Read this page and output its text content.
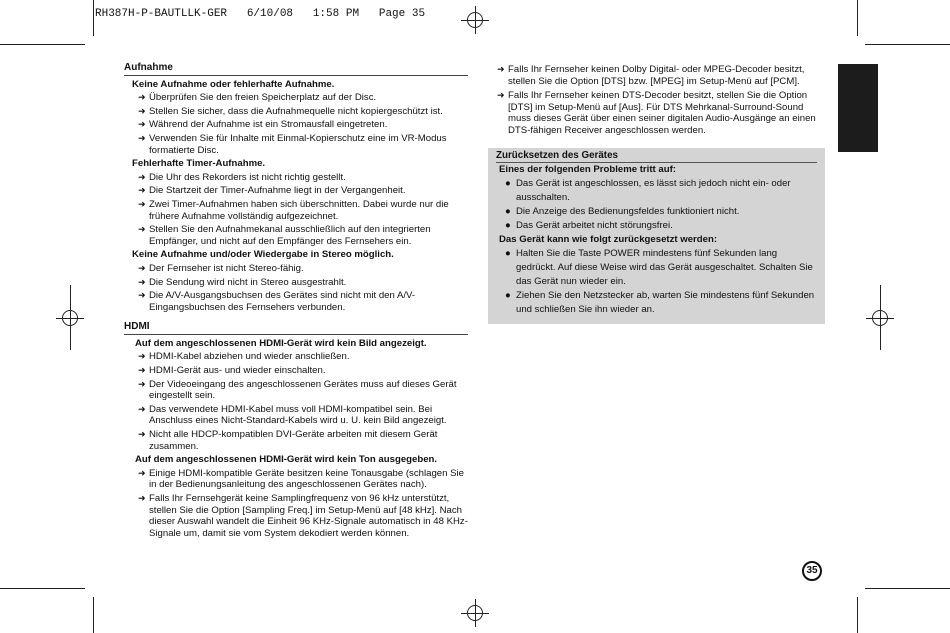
RH387H-P-BAUTLLK-GER   6/10/08   1:58 PM   Page 35
Aufnahme
Keine Aufnahme oder fehlerhafte Aufnahme.
➜ Überprüfen Sie den freien Speicherplatz auf der Disc.
➜ Stellen Sie sicher, dass die Aufnahmequelle nicht kopiergeschützt ist.
➜ Während der Aufnahme ist ein Stromausfall eingetreten.
➜ Verwenden Sie für Inhalte mit Einmal-Kopierschutz eine im VR-Modus formatierte Disc.
Fehlerhafte Timer-Aufnahme.
➜ Die Uhr des Rekorders ist nicht richtig gestellt.
➜ Die Startzeit der Timer-Aufnahme liegt in der Vergangenheit.
➜ Zwei Timer-Aufnahmen haben sich überschnitten. Dabei wurde nur die frühere Aufnahme vollständig aufgezeichnet.
➜ Stellen Sie den Aufnahmekanal ausschließlich auf den integrierten Empfänger, und nicht auf den Empfänger des Fernsehers ein.
Keine Aufnahme und/oder Wiedergabe in Stereo möglich.
➜ Der Fernseher ist nicht Stereo-fähig.
➜ Die Sendung wird nicht in Stereo ausgestrahlt.
➜ Die A/V-Ausgangsbuchsen des Gerätes sind nicht mit den A/V-Eingangsbuchsen des Fernsehers verbunden.
HDMI
Auf dem angeschlossenen HDMI-Gerät wird kein Bild angezeigt.
➜ HDMI-Kabel abziehen und wieder anschließen.
➜ HDMI-Gerät aus- und wieder einschalten.
➜ Der Videoeingang des angeschlossenen Gerätes muss auf dieses Gerät eingestellt sein.
➜ Das verwendete HDMI-Kabel muss voll HDMI-kompatibel sein. Bei Anschluss eines Nicht-Standard-Kabels wird u. U. kein Bild angezeigt.
➜ Nicht alle HDCP-kompatiblen DVI-Geräte arbeiten mit diesem Gerät zusammen.
Auf dem angeschlossenen HDMI-Gerät wird kein Ton ausgegeben.
➜ Einige HDMI-kompatible Geräte besitzen keine Tonausgabe (schlagen Sie in der Bedienungsanleitung des angeschlossenen Gerätes nach).
➜ Falls Ihr Fernsehgerät keine Samplingfrequenz von 96 kHz unterstützt, stellen Sie die Option [Sampling Freq.] im Setup-Menü auf [48 kHz]. Nach dieser Auswahl wandelt die Einheit 96 KHz-Signale automatisch in 48 KHz-Signale um, damit sie vom System dekodiert werden können.
➜ Falls Ihr Fernseher keinen Dolby Digital- oder MPEG-Decoder besitzt, stellen Sie die Option [DTS] bzw. [MPEG] im Setup-Menü auf [PCM].
➜ Falls Ihr Fernseher keinen DTS-Decoder besitzt, stellen Sie die Option [DTS] im Setup-Menü auf [Aus]. Für DTS Mehrkanal-Surround-Sound muss dieses Gerät über einen seiner digitalen Audio-Ausgänge an einen DTS-fähigen Receiver angeschlossen werden.
Zurücksetzen des Gerätes
Eines der folgenden Probleme tritt auf:
● Das Gerät ist angeschlossen, es lässt sich jedoch nicht ein- oder ausschalten.
● Die Anzeige des Bedienungsfeldes funktioniert nicht.
● Das Gerät arbeitet nicht störungsfrei.
Das Gerät kann wie folgt zurückgesetzt werden:
● Halten Sie die Taste POWER mindestens fünf Sekunden lang gedrückt. Auf diese Weise wird das Gerät ausgeschaltet. Schalten Sie das Gerät nun wieder ein.
● Ziehen Sie den Netzstecker ab, warten Sie mindestens fünf Sekunden und schließen Sie ihn wieder an.
35
